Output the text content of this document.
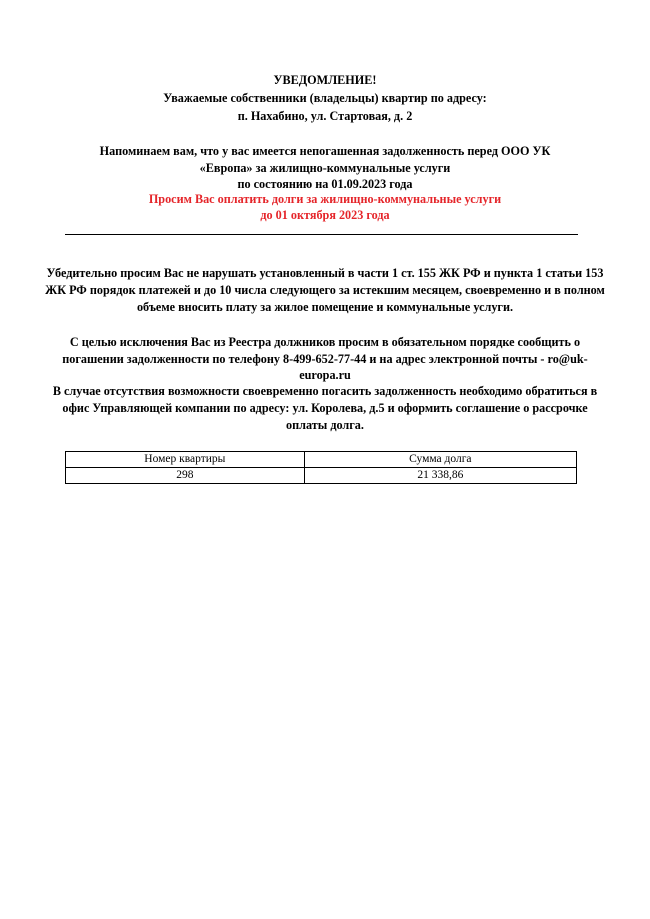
УВЕДОМЛЕНИЕ!
Уважаемые собственники (владельцы) квартир по адресу:
п. Нахабино, ул. Стартовая, д. 2
Напоминаем вам, что у вас имеется непогашенная задолженность перед ООО УК
«Европа» за жилищно-коммунальные услуги
по состоянию на 01.09.2023 года
Просим Вас оплатить долги за жилищно-коммунальные услуги
до 01 октября 2023 года
Убедительно просим Вас не нарушать установленный в части 1 ст. 155 ЖК РФ и пункта 1 статьи 153
ЖК РФ порядок платежей и до 10 числа следующего за истекшим месяцем, своевременно и в полном
объеме вносить плату за жилое помещение и коммунальные услуги.
С целью исключения Вас из Реестра должников просим в обязательном порядке сообщить о
погашении задолженности по телефону 8-499-652-77-44 и на адрес электронной почты - ro@uk-
europa.ru
В случае отсутствия возможности своевременно погасить задолженность необходимо обратиться в
офис Управляющей компании по адресу: ул. Королева, д.5 и оформить соглашение о рассрочке
оплаты долга.
Номер квартиры	Сумма долга
298	21 338,86
